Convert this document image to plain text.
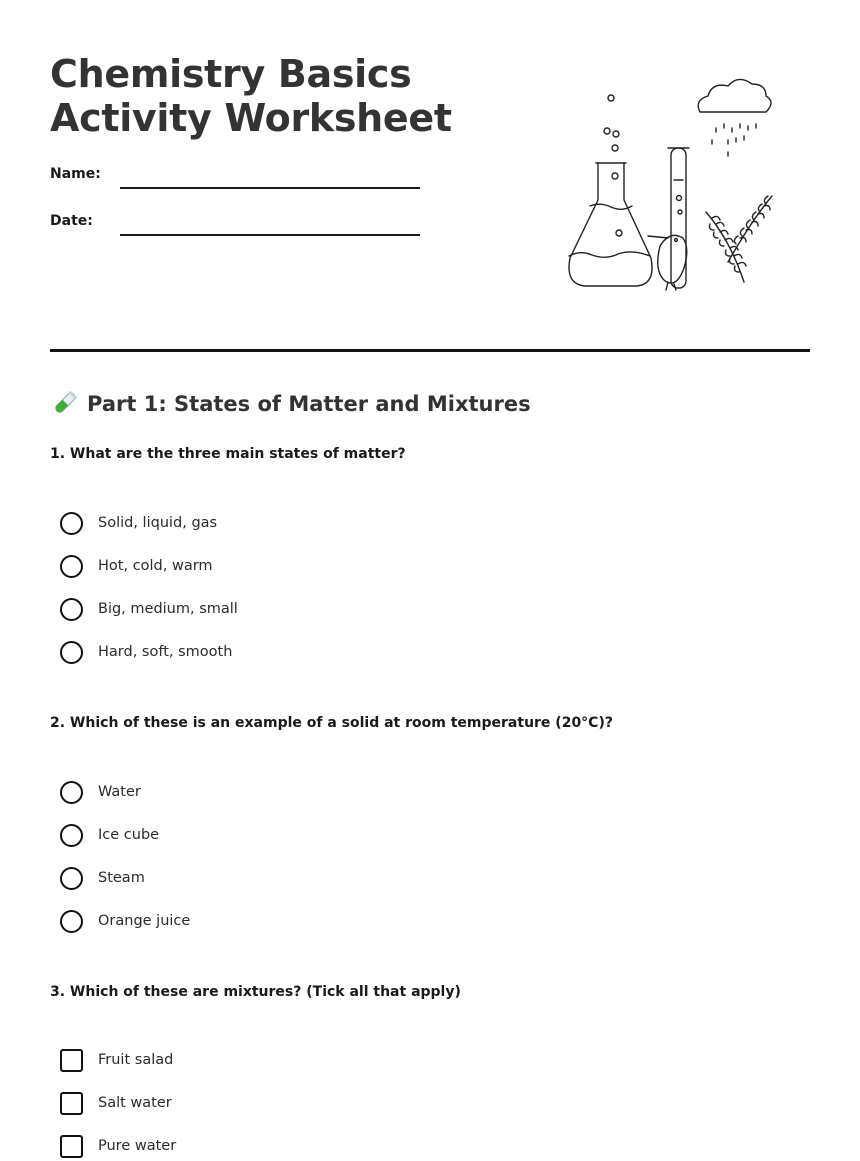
Chemistry Basics
Activity Worksheet
Name:
Date:
Part 1: States of Matter and Mixtures
1. What are the three main states of matter?
Solid, liquid, gas
Hot, cold, warm
Big, medium, small
Hard, soft, smooth
2. Which of these is an example of a solid at room temperature (20°C)?
Water
Ice cube
Steam
Orange juice
3. Which of these are mixtures? (Tick all that apply)
Fruit salad
Salt water
Pure water
